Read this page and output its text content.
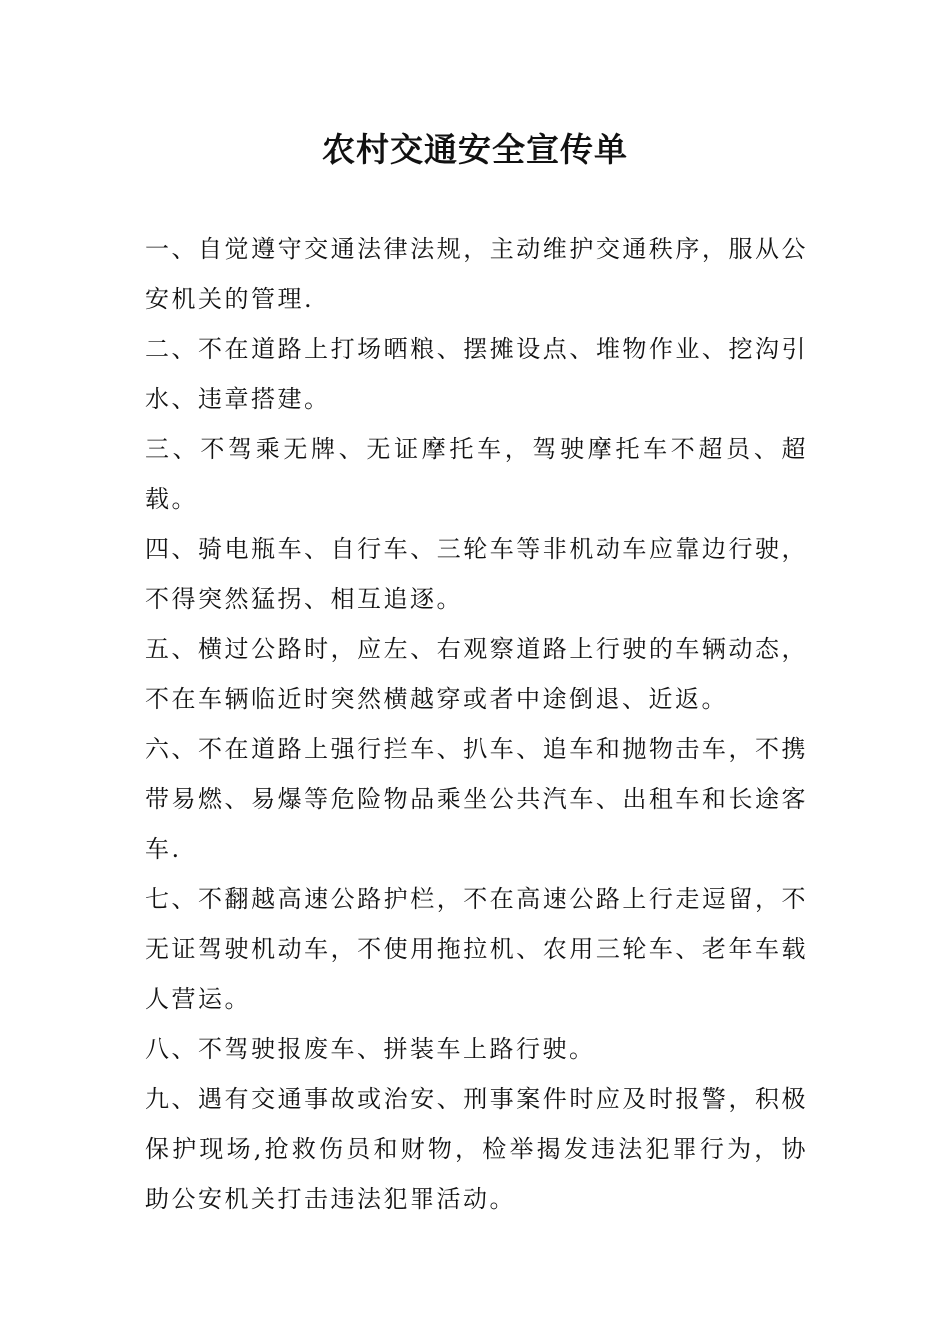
农村交通安全宣传单

一、自觉遵守交通法律法规，主动维护交通秩序，服从公安机关的管理.

二、不在道路上打场晒粮、摆摊设点、堆物作业、挖沟引水、违章搭建。

三、不驾乘无牌、无证摩托车，驾驶摩托车不超员、超载。

四、骑电瓶车、自行车、三轮车等非机动车应靠边行驶，不得突然猛拐、相互追逐。

五、横过公路时，应左、右观察道路上行驶的车辆动态，不在车辆临近时突然横越穿或者中途倒退、近返。

六、不在道路上强行拦车、扒车、追车和抛物击车，不携带易燃、易爆等危险物品乘坐公共汽车、出租车和长途客车.

七、不翻越高速公路护栏，不在高速公路上行走逗留，不无证驾驶机动车，不使用拖拉机、农用三轮车、老年车载人营运。

八、不驾驶报废车、拼装车上路行驶。

九、遇有交通事故或治安、刑事案件时应及时报警，积极保护现场,抢救伤员和财物，检举揭发违法犯罪行为，协助公安机关打击违法犯罪活动。
